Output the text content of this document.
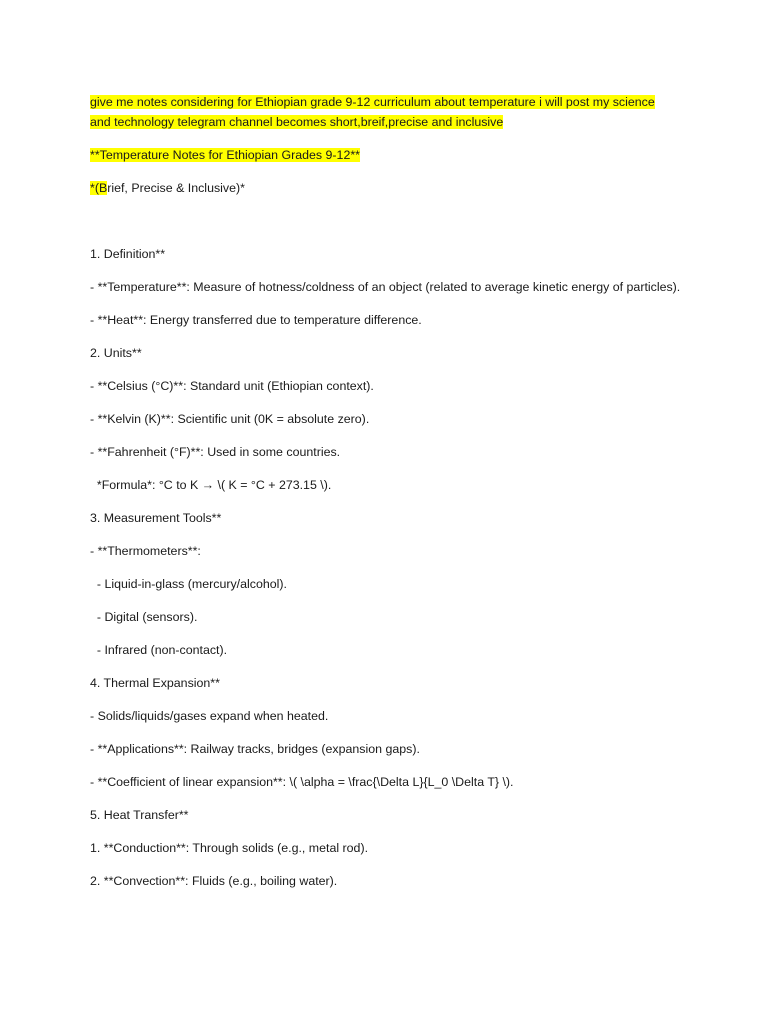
give me notes considering for Ethiopian grade 9-12 curriculum about temperature i will post my science
and technology telegram channel becomes short,breif,precise and inclusive

**Temperature Notes for Ethiopian Grades 9-12**

*(Brief, Precise & Inclusive)*

1. Definition**

- **Temperature**: Measure of hotness/coldness of an object (related to average kinetic energy of particles).

- **Heat**: Energy transferred due to temperature difference.

2. Units**

- **Celsius (°C)**: Standard unit (Ethiopian context).

- **Kelvin (K)**: Scientific unit (0K = absolute zero).

- **Fahrenheit (°F)**: Used in some countries.

*Formula*: °C to K → \( K = °C + 273.15 \).

3. Measurement Tools**

- **Thermometers**:

- Liquid-in-glass (mercury/alcohol).

- Digital (sensors).

- Infrared (non-contact).

4. Thermal Expansion**

- Solids/liquids/gases expand when heated.

- **Applications**: Railway tracks, bridges (expansion gaps).

- **Coefficient of linear expansion**: \( \alpha = \frac{\Delta L}{L_0 \Delta T} \).

5. Heat Transfer**

1. **Conduction**: Through solids (e.g., metal rod).

2. **Convection**: Fluids (e.g., boiling water).
